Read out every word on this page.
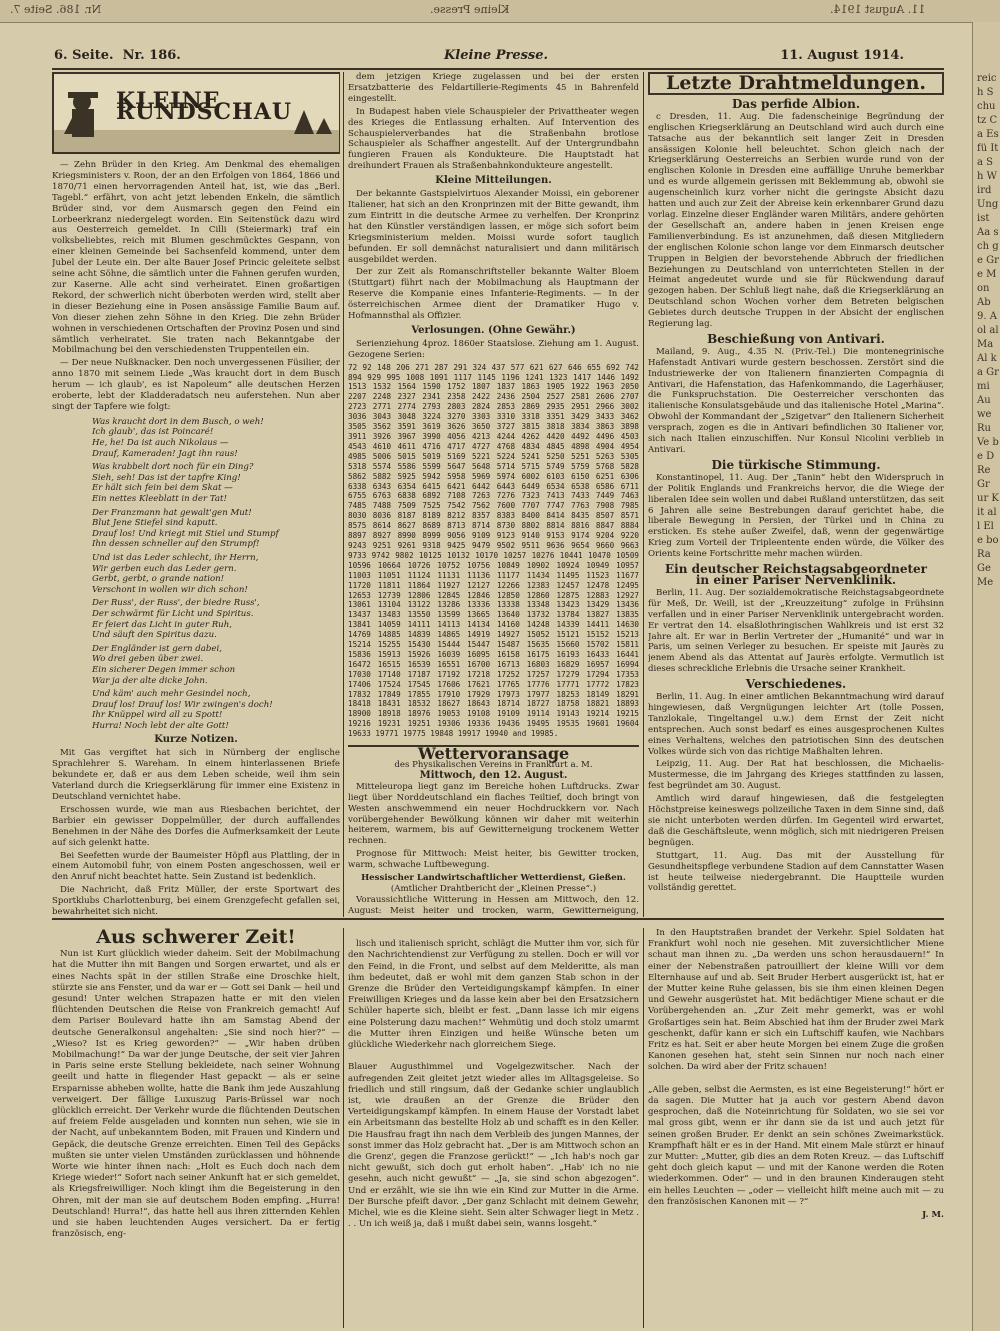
Nr. 186. Seite 7.	Kleine Presse.	11. August 1914.
reich Schutz Ca Es fü Ita Sh Wird Ung ist Aa sch ge Gre Mon Ab 9. Aol al Ma Al ka Gr mi Au we Ru Ve be D Re Gr ur Kit all Ele bo Ra Ge Me
6. Seite. Nr. 186.	Kleine Presse.	11. August 1914.
KLEINE RUNDSCHAU

— Zehn Brüder in den Krieg. Am Denkmal des ehemaligen Kriegsministers v. Roon, der an den Erfolgen von 1864, 1866 und 1870/71 einen hervorragenden Anteil hat, ist, wie das „Berl. Tagebl.“ erfährt, von acht jetzt lebenden Enkeln, die sämtlich Brüder sind, vor dem Ausmarsch gegen den Feind ein Lorbeerkranz niedergelegt worden. Ein Seitenstück dazu wird aus Oesterreich gemeldet. In Cilli (Steiermark) traf ein volksbeliebtes, reich mit Blumen geschmücktes Gespann, von einer kleinen Gemeinde bei Sachsenfeld kommend, unter dem Jubel der Leute ein. Der alte Bauer Josef Princic geleitete selbst seine acht Söhne, die sämtlich unter die Fahnen gerufen wurden, zur Kaserne. Alle acht sind verheiratet. Einen großartigen Rekord, der schwerlich nicht überboten werden wird, stellt aber in dieser Beziehung eine in Posen ansässige Familie Baum auf. Von dieser ziehen zehn Söhne in den Krieg. Die zehn Brüder wohnen in verschiedenen Ortschaften der Provinz Posen und sind sämtlich verheiratet. Sie traten nach Bekanntgabe der Mobilmachung bei den verschiedensten Truppenteilen ein.

— Der neue Nußknacker. Den noch unvergessenen Füsilier, der anno 1870 mit seinem Liede „Was kraucht dort in dem Busch herum — ich glaub', es ist Napoleum“ alle deutschen Herzen eroberte, lebt der Kladderadatsch neu auferstehen. Nun aber singt der Tapfere wie folgt:

Was kraucht dort in dem Busch, o weh!
Ich glaub', das ist Poincaré!
He, he! Da ist auch Nikolaus —
Drauf, Kameraden! Jagt ihn raus!
Was krabbelt dort noch für ein Ding?
Sieh, seh! Das ist der tapfre King!
Er hält sich fein bei dem Skat —
Ein nettes Kleeblatt in der Tat!
Der Franzmann hat gewalt'gen Mut!
Blut Jene Stiefel sind kaputt.
Drauf los! Und kriegt mit Stiel und Stumpf
Ihn dessen schneller auf den Strumpf!
Und ist das Leder schlecht, ihr Herrn,
Wir gerben euch das Leder gern.
Gerbt, gerbt, o grande nation!
Verschont in wollen wir dich schon!
Der Russ', der Russ', der biedre Russ',
Der schwärmt für Licht und Spiritus.
Er feiert das Licht in guter Ruh,
Und säuft den Spiritus dazu.
Der Engländer ist gern dabei,
Wo drei geben über zwei.
Ein sicherer Degen immer schon
War ja der alte dicke John.
Und käm' auch mehr Gesindel noch,
Drauf los! Drauf los! Wir zwingen's doch!
Ihr Knüppel wird all zu Spott!
Hurra! Noch lebt der alte Gott!
Kurze Notizen.

Mit Gas vergiftet hat sich in Nürnberg der englische Sprachlehrer S. Wareham. In einem hinterlassenen Briefe bekundete er, daß er aus dem Leben scheide, weil ihm sein Vaterland durch die Kriegserklärung für immer eine Existenz in Deutschland vernichtet habe.

Erschossen wurde, wie man aus Riesbachen berichtet, der Barbier ein gewisser Doppelmüller, der durch auffallendes Benehmen in der Nähe des Dorfes die Aufmerksamkeit der Leute auf sich gelenkt hatte.

Bei Seefetten wurde der Baumeister Höpfl aus Plattling, der in einem Automobil fuhr, von einem Posten angeschossen, weil er den Anruf nicht beachtet hatte. Sein Zustand ist bedenklich.

Die Nachricht, daß Fritz Müller, der erste Sportwart des Sportklubs Charlottenburg, bei einem Grenzgefecht gefallen sei, bewahrheitet sich nicht.

dem jetzigen Kriege zugelassen und bei der ersten Ersatzbatterie des Feldartillerie-Regiments 45 in Bahrenfeld eingestellt.

In Budapest haben viele Schauspieler der Privattheater wegen des Krieges die Entlassung erhalten. Auf Intervention des Schauspielerverbandes hat die Straßenbahn brotlose Schauspieler als Schaffner angestellt. Auf der Untergrundbahn fungieren Frauen als Kondukteure. Die Hauptstadt hat dreihundert Frauen als Straßenbahnkondukteure angestellt.

Kleine Mitteilungen.

Der bekannte Gastspielvirtuos Alexander Moissi, ein geborener Italiener, hat sich an den Kronprinzen mit der Bitte gewandt, ihm zum Eintritt in die deutsche Armee zu verhelfen. Der Kronprinz hat den Künstler verständigen lassen, er möge sich sofort beim Kriegsministerium melden. Moissi wurde sofort tauglich befunden. Er soll demnächst naturalisiert und dann militärisch ausgebildet werden.

Der zur Zeit als Romanschriftsteller bekannte Walter Bloem (Stuttgart) führt nach der Mobilmachung als Hauptmann der Reserve die Kompanie eines Infanterie-Regiments. — In der österreichischen Armee dient der Dramatiker Hugo v. Hofmannsthal als Offizier.

Verlosungen. (Ohne Gewähr.)

Serienziehung 4proz. 1860er Staatslose. Ziehung am 1. August. Gezogene Serien:

72 92 148 206 271 287 291 324 437 577 621 627 646 655 692 742 894 929 995 1008 1091 1117 1145 1196 1241 1323 1417 1446 1492 1513 1532 1564 1590 1752 1807 1837 1863 1905 1922 1963 2050 2207 2248 2327 2341 2358 2422 2436 2504 2527 2581 2606 2707 2723 2771 2774 2793 2803 2824 2853 2869 2935 2951 2966 3002 3036 3043 3048 3224 3270 3303 3310 3318 3351 3429 3433 3462 3505 3562 3591 3619 3626 3650 3727 3815 3818 3834 3863 3898 3911 3926 3967 3990 4056 4213 4244 4262 4420 4492 4496 4503 4543 4610 4611 4716 4717 4727 4768 4834 4845 4898 4904 4954 4985 5006 5015 5019 5169 5221 5224 5241 5250 5251 5263 5305 5318 5574 5586 5599 5647 5648 5714 5715 5749 5759 5768 5828 5862 5882 5925 5942 5958 5969 5974 6002 6103 6150 6251 6306 6338 6343 6354 6415 6421 6442 6443 6449 6534 6538 6586 6711 6755 6763 6838 6892 7108 7263 7276 7323 7413 7433 7449 7463 7485 7488 7509 7525 7542 7562 7600 7707 7747 7763 7908 7985 8030 8036 8187 8189 8212 8357 8383 8400 8414 8435 8507 8571 8575 8614 8627 8689 8713 8714 8730 8802 8814 8816 8847 8884 8897 8927 8990 8999 9056 9109 9123 9140 9153 9174 9204 9220 9243 9251 9261 9318 9425 9479 9502 9511 9636 9654 9660 9663 9733 9742 9802 10125 10132 10170 10257 10276 10441 10470 10509 10596 10664 10726 10752 10756 10849 10902 10924 10949 10957 11003 11051 11124 11131 11136 11177 11434 11495 11523 11677 11720 11811 11864 11927 12127 12266 12383 12457 12478 12495 12653 12739 12806 12845 12846 12850 12860 12875 12883 12927 13061 13104 13122 13286 13336 13338 13348 13423 13429 13436 13437 13483 13550 13599 13665 13640 13732 13784 13827 13835 13841 14059 14111 14113 14134 14160 14248 14339 14411 14630 14769 14885 14839 14865 14919 14927 15052 15121 15152 15213 15214 15255 15430 15444 15447 15487 15635 15660 15702 15811 15836 15913 15926 16039 16095 16158 16175 16193 16433 16441 16472 16515 16539 16551 16700 16713 16803 16829 16957 16994 17030 17140 17187 17192 17218 17252 17257 17279 17294 17353 17406 17524 17545 17606 17621 17765 17776 17771 17772 17823 17832 17849 17855 17910 17929 17973 17977 18253 18149 18291 18418 18431 18532 18627 18643 18714 18727 18758 18821 18893 18900 18918 18976 19053 19108 19109 19114 19143 19214 19215 19216 19231 19251 19306 19336 19436 19495 19535 19601 19604 19633 19771 19775 19848 19917 19940 and 19985.
Wettervoransage
des Physikalischen Vereins in Frankfurt a. M.
Mittwoch, den 12. August.

Mitteleuropa liegt ganz im Bereiche hohen Luftdrucks. Zwar liegt über Norddeutschland ein flaches Teiltief, doch bringt von Westen anschwemmend ein neuer Hochdruckkern vor. Nach vorübergehender Bewölkung können wir daher mit weiterhin heiterem, warmem, bis auf Gewitterneigung trockenem Wetter rechnen.

Prognose für Mittwoch: Meist heiter, bis Gewitter trocken, warm, schwache Luftbewegung.

Hessischer Landwirtschaftlicher Wetterdienst, Gießen.
(Amtlicher Drahtbericht der „Kleinen Presse“.)

Voraussichtliche Witterung in Hessen am Mittwoch, den 12. August: Meist heiter und trocken, warm, Gewitterneigung,

Letzte Drahtmeldungen.
Das perfide Albion.

c Dresden, 11. Aug. Die fadenscheinige Begründung der englischen Kriegserklärung an Deutschland wird auch durch eine Tatsache aus der bekanntlich seit langer Zeit in Dresden ansässigen Kolonie hell beleuchtet. Schon gleich nach der Kriegserklärung Oesterreichs an Serbien wurde rund von der englischen Kolonie in Dresden eine auffällige Unruhe bemerkbar und es wurde allgemein gerissen mit Beklemmung ab, obwohl sie augenscheinlich kurz vorher nicht die geringste Absicht dazu hatten und auch zur Zeit der Abreise kein erkennbarer Grund dazu vorlag. Einzelne dieser Engländer waren Militärs, andere gehörten der Gesellschaft an, andere haben in jenen Kreisen enge Familienverbindung. Es ist anzunehmen, daß diesen Mitgliedern der englischen Kolonie schon lange vor dem Einmarsch deutscher Truppen in Belgien der bevorstehende Abbruch der friedlichen Beziehungen zu Deutschland von unterrichteten Stellen in der Heimat angedeutet wurde und sie für Rückwendung darauf gezogen haben. Der Schluß liegt nahe, daß die Kriegserklärung an Deutschland schon Wochen vorher dem Betreten belgischen Gebietes durch deutsche Truppen in der Absicht der englischen Regierung lag.

Beschießung von Antivari.

Mailand, 9. Aug., 4.35 N. (Priv.-Tel.) Die montenegrinische Hafenstadt Antivari wurde gestern beschossen. Zerstört sind die Industriewerke der von Italienern finanzierten Compagnia di Antivari, die Hafenstation, das Hafenkommando, die Lagerhäuser, die Funkspruchstation. Die Oesterreicher verschonten das italienische Konsulatsgebäude und das italienische Hotel „Marina“. Obwohl der Kommandant der „Szigetvar“ den Italienern Sicherheit versprach, zogen es die in Antivari befindlichen 30 Italiener vor, sich nach Italien einzuschiffen. Nur Konsul Nicolini verblieb in Antivari.

Die türkische Stimmung.

Konstantinopel, 11. Aug. Der „Tanin“ hebt den Widerspruch in der Politik Englands und Frankreichs hervor, die die Wiege der liberalen Idee sein wollen und dabei Rußland unterstützen, das seit 6 Jahren alle seine Bestrebungen darauf gerichtet habe, die liberale Bewegung in Persien, der Türkei und in China zu ersticken. Es stehe außer Zweifel, daß, wenn der gegenwärtige Krieg zum Vorteil der Tripleentente enden würde, die Völker des Orients keine Fortschritte mehr machen würden.

Ein deutscher Reichstagsabgeordneter
in einer Pariser Nervenklinik.

Berlin, 11. Aug. Der sozialdemokratische Reichstagsabgeordnete für Meß, Dr. Weill, ist der „Kreuzzeitung“ zufolge in Frühsinn verfallen und in einer Pariser Nervenklinik untergebracht worden. Er vertrat den 14. elsaßlothringischen Wahlkreis und ist erst 32 Jahre alt. Er war in Berlin Vertreter der „Humanité“ und war in Paris, um seinen Verleger zu besuchen. Er speiste mit Jaurès zu jenem Abend als das Attentat auf Jaurès erfolgte. Vermutlich ist dieses schreckliche Erlebnis die Ursache seiner Krankheit.

Verschiedenes.

Berlin, 11. Aug. In einer amtlichen Bekanntmachung wird darauf hingewiesen, daß Vergnügungen leichter Art (tolle Possen, Tanzlokale, Tingeltangel u.w.) dem Ernst der Zeit nicht entsprechen. Auch sonst bedarf es eines ausgesprochenen Kultes eines Verhaltens, welches den patriotischen Sinn des deutschen Volkes würde sich von das richtige Maßhalten lehren.

Leipzig, 11. Aug. Der Rat hat beschlossen, die Michaelis-Mustermesse, die im Jahrgang des Krieges stattfinden zu lassen, fest begründet am 30. August.

Amtlich wird darauf hingewiesen, daß die festgelegten Höchstpreise keineswegs polizeiliche Taxen in dem Sinne sind, daß sie nicht unterboten werden dürfen. Im Gegenteil wird erwartet, daß die Geschäftsleute, wenn möglich, sich mit niedrigeren Preisen begnügen.

Stuttgart, 11. Aug. Das mit der Ausstellung für Gesundheitspflege verbundene Stadion auf dem Cannstatter Wasen ist heute teilweise niedergebrannt. Die Hauptteile wurden vollständig gerettet.

Aus schwerer Zeit!

Nun ist Kurt glücklich wieder daheim. Seit der Mobilmachung hat die Mutter ihn mit Bangen und Sorgen erwartet, und als er eines Nachts spät in der stillen Straße eine Droschke hielt, stürzte sie ans Fenster, und da war er — Gott sei Dank — heil und gesund! Unter welchen Strapazen hatte er mit den vielen flüchtenden Deutschen die Reise von Frankreich gemacht! Auf dem Pariser Boulevard hatte ihn am Samstag Abend der deutsche Generalkonsul angehalten: „Sie sind noch hier?“ — „Wieso? Ist es Krieg geworden?“ — „Wir haben drüben Mobilmachung!“ Da war der junge Deutsche, der seit vier Jahren in Paris seine erste Stellung bekleidete, nach seiner Wohnung geeilt und hatte in fliegender Hast gepackt — als er seine Ersparnisse abheben wollte, hatte die Bank ihm jede Auszahlung verweigert. Der fällige Luxuszug Paris-Brüssel war noch glücklich erreicht. Der Verkehr wurde die flüchtenden Deutschen auf freiem Felde ausgeladen und konnten nun sehen, wie sie in der Nacht, auf unbekanntem Boden, mit Frauen und Kindern und Gepäck, die deutsche Grenze erreichten. Einen Teil des Gepäcks mußten sie unter vielen Umständen zurücklassen und höhnende Worte wie hinter ihnen nach: „Holt es Euch doch nach dem Kriege wieder!“ Sofort nach seiner Ankunft hat er sich gemeldet, als Kriegsfreiwilliger. Noch klingt ihm die Begeisterung in den Ohren, mit der man sie auf deutschem Boden empfing. „Hurra! Deutschland! Hurra!“, das hatte hell aus ihren zitternden Kehlen und sie haben leuchtenden Auges versichert. Da er fertig französisch, eng-

lisch und italienisch spricht, schlägt die Mutter ihm vor, sich für den Nachrichtendienst zur Verfügung zu stellen. Doch er will vor den Feind, in die Front, und selbst auf dem Melderitte, als man ihm bedeutet, daß er wohl mit dem ganzen Stab schon in der Grenze die Brüder den Verteidigungskampf kämpfen. In einer Freiwilligen Krieges und da lasse kein aber bei den Ersatzsichern Schüler haperte sich, bleibt er fest. „Dann lasse ich mir eigens eine Polsterung dazu machen!“ Wehmütig und doch stolz umarmt die Mutter ihren Einzigen und heiße Wünsche beten um glückliche Wiederkehr nach glorreichem Siege.

Blauer Augusthimmel und Vogelgezwitscher. Nach der aufregenden Zeit gleitet jetzt wieder alles im Alltagsgeleise. So friedlich und still ringsum, daß der Gedanke schier unglaublich ist, wie draußen an der Grenze die Brüder den Verteidigungskampf kämpfen. In einem Hause der Vorstadt labet ein Arbeitsmann das bestellte Holz ab und schafft es in den Keller. Die Hausfrau fragt ihn nach dem Verbleib des jungen Mannes, der sonst immer das Holz gebracht hat. „Der is am Mittwoch schon an die Grenz', gegen die Franzose gerückt!“ — „Ich hab's noch gar nicht gewußt, sich doch gut erholt haben“. „Hab' ich no nie gesehn, auch nicht gewußt“ — „Ja, sie sind schon abgezogen“. Und er erzählt, wie sie ihn wie ein Kind zur Mutter in die Arme. Der Bursche pfeift davor. „Der ganz Schlacht mit deinem Gewehr, Michel, wie es die Kleine sieht. Sein alter Schwager liegt in Metz . . . Un ich weiß ja, daß i mußt dabei sein, wanns losgeht.“

In den Hauptstraßen brandet der Verkehr. Spiel Soldaten hat Frankfurt wohl noch nie gesehen. Mit zuversichtlicher Miene schaut man ihnen zu. „Da werden uns schon herausdauern!“ In einer der Nebenstraßen patrouilliert der kleine Willi vor dem Elternhause auf und ab. Seit Bruder Herbert ausgerückt ist, hat er der Mutter keine Ruhe gelassen, bis sie ihm einen kleinen Degen und Gewehr ausgerüstet hat. Mit bedächtiger Miene schaut er die Vorübergehenden an. „Zur Zeit mehr gemerkt, was er wohl Großartiges sein hat. Beim Abschied hat ihm der Bruder zwei Mark geschenkt, dafür kann er sich ein Luftschiff kaufen, wie Nachbars Fritz es hat. Seit er aber heute Morgen bei einem Zuge die großen Kanonen gesehen hat, steht sein Sinnen nur noch nach einer solchen. Da wird aber der Fritz schauen!

„Alle geben, selbst die Aermsten, es ist eine Begeisterung!“ hört er da sagen. Die Mutter hat ja auch vor gestern Abend davon gesprochen, daß die Noteinrichtung für Soldaten, wo sie sei vor mal gross gibt, wenn er ihr dann sie da ist und auch jetzt für seinen großen Bruder. Er denkt an sein schönes Zweimarkstück. Krampfhaft hält er es in der Hand. Mit einem Male stürzt er hinauf zur Mutter: „Mutter, gib dies an dem Roten Kreuz. — das Luftschiff geht doch gleich kaput — und mit der Kanone werden die Roten wiederkommen. Oder“ — und in den braunen Kinderaugen steht ein helles Leuchten — „oder — vielleicht hilft meine auch mit — zu den französischen Kanonen mit — ?“

J. M.
